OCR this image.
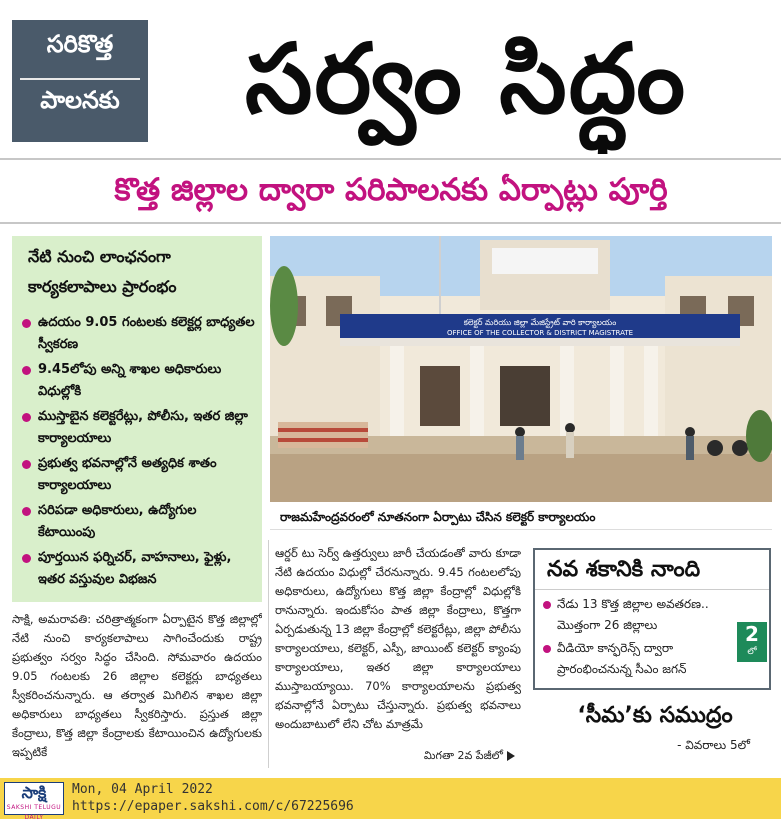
సరికొత్త
పాలనకు	సర్వం సిద్ధం
కొత్త జిల్లాల ద్వారా పరిపాలనకు ఏర్పాట్లు పూర్తి
నేటి నుంచి లాంఛనంగా కార్యకలాపాలు ప్రారంభం
ఉదయం 9.05 గంటలకు కలెక్టర్ల బాధ్యతల స్వీకరణ
9.45లోపు అన్ని శాఖల అధికారులు విధుల్లోకి
ముస్తాబైన కలెక్టరేట్లు, పోలీసు, ఇతర జిల్లా కార్యాలయాలు
ప్రభుత్వ భవనాల్లోనే అత్యధిక శాతం కార్యాలయాలు
సరిపడా అధికారులు, ఉద్యోగుల కేటాయింపు
పూర్తయిన ఫర్నిచర్, వాహనాలు, ఫైళ్లు, ఇతర వస్తువుల విభజన
కలెక్టర్ మరియు జిల్లా మేజిస్ట్రేట్ వారి కార్యాలయం
OFFICE OF THE COLLECTOR & DISTRICT MAGISTRATE
రాజమహేంద్రవరంలో నూతనంగా ఏర్పాటు చేసిన కలెక్టర్ కార్యాలయం
సాక్షి, అమరావతి: చరిత్రాత్మకంగా ఏర్పాటైన కొత్త జిల్లాల్లో నేటి నుంచి కార్యకలాపాలు సాగించేందుకు రాష్ట్ర ప్రభుత్వం సర్వం సిద్ధం చేసింది. సోమవారం ఉదయం 9.05 గంటలకు 26 జిల్లాల కలెక్టర్లు బాధ్యతలు స్వీకరించనున్నారు. ఆ తర్వాత మిగిలిన శాఖల జిల్లా అధికారులు బాధ్యతలు స్వీకరిస్తారు. ప్రస్తుత జిల్లా కేంద్రాలు, కొత్త జిల్లా కేంద్రాలకు కేటాయించిన ఉద్యోగులకు ఇప్పటికే
ఆర్డర్ టు సెర్వ్ ఉత్తర్వులు జారీ చేయడంతో వారు కూడా నేటి ఉదయం విధుల్లో చేరనున్నారు. 9.45 గంటలలోపు అధికారులు, ఉద్యోగులు కొత్త జిల్లా కేంద్రాల్లో విధుల్లోకి రానున్నారు. ఇందుకోసం పాత జిల్లా కేంద్రాలు, కొత్తగా ఏర్పడుతున్న 13 జిల్లా కేంద్రాల్లో కలెక్టరేట్లు, జిల్లా పోలీసు కార్యాలయాలు, కలెక్టర్, ఎస్పీ, జాయింట్ కలెక్టర్ క్యాంపు కార్యాలయాలు, ఇతర జిల్లా కార్యాలయాలు ముస్తాబయ్యాయి. 70% కార్యాలయాలను ప్రభుత్వ భవనాల్లోనే ఏర్పాటు చేస్తున్నారు. ప్రభుత్వ భవనాలు అందుబాటులో లేని చోట మాత్రమే
మిగతా 2వ పేజీలో
నవ శకానికి నాంది
నేడు 13 కొత్త జిల్లాల అవతరణ.. మొత్తంగా 26 జిల్లాలు
వీడియో కాన్ఫరెన్స్ ద్వారా ప్రారంభించనున్న సీఎం జగన్
2
లో
‘సీమ’కు సముద్రం
- వివరాలు 5లో
సాక్షి
SAKSHI TELUGU DAILY
Mon, 04 April 2022
https://epaper.sakshi.com/c/67225696
